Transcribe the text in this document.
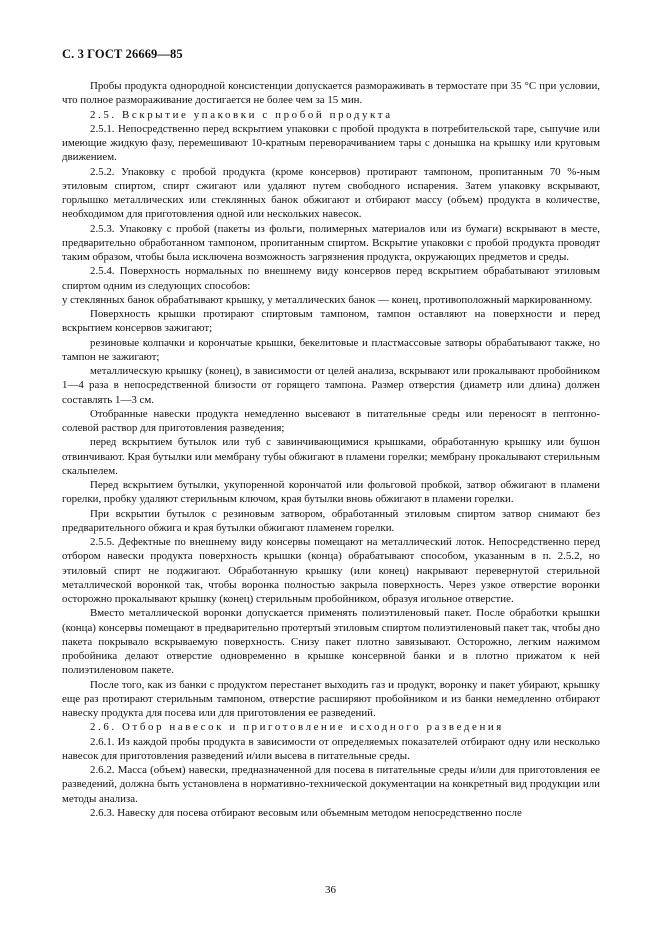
С. 3 ГОСТ 26669—85

Пробы продукта однородной консистенции допускается размораживать в термостате при 35 °С при условии, что полное размораживание достигается не более чем за 15 мин.

2.5. Вскрытие упаковки с пробой продукта

2.5.1. Непосредственно перед вскрытием упаковки с пробой продукта в потребительской таре, сыпучие или имеющие жидкую фазу, перемешивают 10-кратным переворачиванием тары с донышка на крышку или круговым движением.

2.5.2. Упаковку с пробой продукта (кроме консервов) протирают тампоном, пропитанным 70 %-ным этиловым спиртом, спирт сжигают или удаляют путем свободного испарения. Затем упаковку вскрывают, горлышко металлических или стеклянных банок обжигают и отбирают массу (объем) продукта в количестве, необходимом для приготовления одной или нескольких навесок.

2.5.3. Упаковку с пробой (пакеты из фольги, полимерных материалов или из бумаги) вскрывают в месте, предварительно обработанном тампоном, пропитанным спиртом. Вскрытие упаковки с пробой продукта проводят таким образом, чтобы была исключена возможность загрязнения продукта, окружающих предметов и среды.

2.5.4. Поверхность нормальных по внешнему виду консервов перед вскрытием обрабатывают этиловым спиртом одним из следующих способов:

у стеклянных банок обрабатывают крышку, у металлических банок — конец, противоположный маркированному.

Поверхность крышки протирают спиртовым тампоном, тампон оставляют на поверхности и перед вскрытием консервов зажигают;

резиновые колпачки и корончатые крышки, бекелитовые и пластмассовые затворы обрабатывают также, но тампон не зажигают;

металлическую крышку (конец), в зависимости от целей анализа, вскрывают или прокалывают пробойником 1—4 раза в непосредственной близости от горящего тампона. Размер отверстия (диаметр или длина) должен составлять 1—3 см.

Отобранные навески продукта немедленно высевают в питательные среды или переносят в пептонно-солевой раствор для приготовления разведения;

перед вскрытием бутылок или туб с завинчивающимися крышками, обработанную крышку или бушон отвинчивают. Края бутылки или мембрану тубы обжигают в пламени горелки; мембрану прокалывают стерильным скальпелем.

Перед вскрытием бутылки, укупоренной корончатой или фольговой пробкой, затвор обжигают в пламени горелки, пробку удаляют стерильным ключом, края бутылки вновь обжигают в пламени горелки.

При вскрытии бутылок с резиновым затвором, обработанный этиловым спиртом затвор снимают без предварительного обжига и края бутылки обжигают пламенем горелки.

2.5.5. Дефектные по внешнему виду консервы помещают на металлический лоток. Непосредственно перед отбором навески продукта поверхность крышки (конца) обрабатывают способом, указанным в п. 2.5.2, но этиловый спирт не поджигают. Обработанную крышку (или конец) накрывают перевернутой стерильной металлической воронкой так, чтобы воронка полностью закрыла поверхность. Через узкое отверстие воронки осторожно прокалывают крышку (конец) стерильным пробойником, образуя игольное отверстие.

Вместо металлической воронки допускается применять полиэтиленовый пакет. После обработки крышки (конца) консервы помещают в предварительно протертый этиловым спиртом полиэтиленовый пакет так, чтобы дно пакета покрывало вскрываемую поверхность. Снизу пакет плотно завязывают. Осторожно, легким нажимом пробойника делают отверстие одновременно в крышке консервной банки и в плотно прижатом к ней полиэтиленовом пакете.

После того, как из банки с продуктом перестанет выходить газ и продукт, воронку и пакет убирают, крышку еще раз протирают стерильным тампоном, отверстие расширяют пробойником и из банки немедленно отбирают навеску продукта для посева или для приготовления ее разведений.

2.6. Отбор навесок и приготовление исходного разведения

2.6.1. Из каждой пробы продукта в зависимости от определяемых показателей отбирают одну или несколько навесок для приготовления разведений и/или высева в питательные среды.

2.6.2. Масса (объем) навески, предназначенной для посева в питательные среды и/или для приготовления ее разведений, должна быть установлена в нормативно-технической документации на конкретный вид продукции или методы анализа.

2.6.3. Навеску для посева отбирают весовым или объемным методом непосредственно после

36
